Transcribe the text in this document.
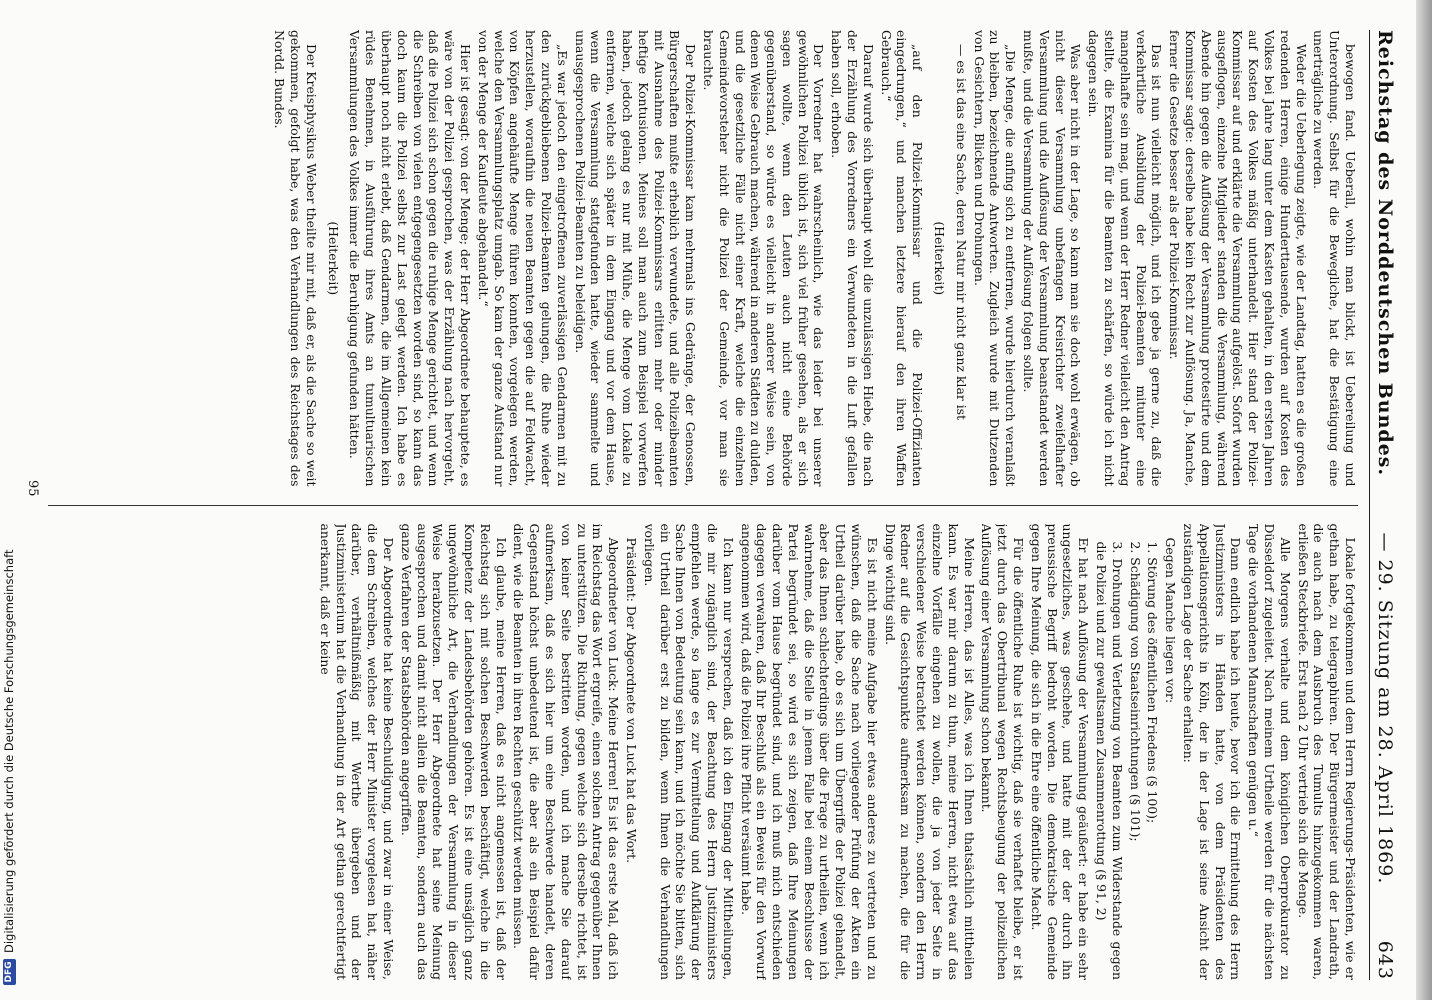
Reichstag des Norddeutschen Bundes.
— 29. Sitzung am 28. April 1869.
643

bewogen fand. Ueberall, wohin man blickt, ist Uebereilung und Unterordnung. Selbst für die Bewegliche, hat die Bestätigung eine unerträgliche zu werden.

Weder die Ueberlegung zeigte, wie der Landtag, hatten es die großen redenden Herren, einige Hunderttausende, wurden auf Kosten des Volkes bei Jahre lang unter dem Kasten gehalten, in den ersten Jahren auf Kosten des Volkes mäßig unterhandelt. Hier stand der Polizei-Kommissar auf und erklärte die Versammlung aufgelöst. Sofort wurden ausgeflogen, einzelne Mitglieder standen die Versammlung, während Abende hin gegen die Auflösung der Versammlung protestirte und dem Kommissar sagte: derselbe habe kein Recht zur Auflösung. Ja, Manche, ferner die Gesetze besser als der Polizei-Kommissar.

Das ist nun vielleicht möglich, und ich gebe ja gerne zu, daß die verkehrtliche Ausbildung der Polizei-Beamten mitunter eine mangelhafte sein mag, und wenn der Herr Redner vielleicht den Antrag stellte, die Examina für die Beamten zu schärfen, so würde ich nicht dagegen sein.

Was aber nicht in der Lage, so kann man sie doch wohl erwägen, ob nicht dieser Versammlung unbefangen Kreisrichter zweifelhafter Versammlung und die Auflösung der Versammlung beanstandet werden mußte, und die Versammlung der Auflösung folgen sollte.

„Die Menge, die anfing sich zu entfernen, wurde hierdurch veranlaßt zu bleiben, bezeichnende Antworten. Zugleich wurde mit Dutzenden von Gesichtern, Blicken und Drohungen.

— es ist das eine Sache, deren Natur mir nicht ganz klar ist

(Heiterkeit)

„auf den Polizei-Kommissar und die Polizei-Offizianten eingedrungen,“ und manchen letztere hierauf den ihren Waffen Gebrauch.“

Darauf wurde sich überhaupt wohl die unzulässigen Hiebe, die nach der Erzählung des Vorredners ein Verwundeten in die Luft gefallen haben soll, erhoben.

Der Vorredner hat wahrscheinlich, wie das leider bei unserer gewöhnlichen Polizei üblich ist, sich viel früher gesehen, als er sich sagen wollte, wenn den Leuten auch nicht eine Behörde gegenüberstand, so würde es vielleicht in anderer Weise sein, von denen Weise Gebrauch machen, während in anderen Städten zu dulden, und die gesetzliche Fälle nicht einer Kraft, welche die einzelnen Gemeindevorsteher nicht die Polizei der Gemeinde, vor man sie brauchte.

Der Polizei-Kommissar kam mehrmals ins Gedränge, der Genossen, Bürgerschaften mußte erheblich verwundete, und alle Polizeibeamten mit Ausnahme des Polizei-Kommissars erlitten mehr oder minder heftige Kontusionen. Meines soll man auch zum Beispiel vorwerfen haben, jedoch gelang es nur mit Mühe, die Menge vom Lokale zu entfernen, welche sich später in dem Eingang und vor dem Hause, wenn die Versammlung stattgefunden hatte, wieder sammelte und unausgesprochenen Polizei-Beamten zu beleidigen.

„Es war jedoch den eingetroffenen zuverlässigen Gendarmen mit zu den zurückgebliebenen Polizei-Beamten gelungen, die Ruhe wieder herzustellen, woraufhin die neuen Beamten gegen die auf Feldwacht, von Köpfen angehäufte Menge führen konnten, vorgelegen werden, welche den Versammlungsplatz umgab. So kam der ganze Aufstand nur von der Menge der Kaufleute abgehandelt.“

Hier ist gesagt: von der Menge; der Herr Abgeordnete behauptete, es wäre von der Polizei gesprochen, was der Erzählung nach hervorgeht, daß die Polizei sich schon gegen die ruhige Menge gerichtet, und wenn die Schreiben von vielen entgegengesetzten worden sind, so kann das doch kaum die Polizei selbst zur Last gelegt werden. Ich habe es überhaupt noch nicht erlebt, daß Gendarmen, die im Allgemeinen kein rüdes Benehmen, in Ausführung ihres Amts an tumultuarischen Versammlungen des Volkes immer die Beruhigung gefunden hätten.

(Heiterkeit)

Der Kreisphysikus Weber theilte mir mit, daß er, als die Sache so weit gekommen, gefolgt habe, was den Verhandlungen des Reichstages des Nordd. Bundes.

Lokale fortgekommen und dem Herrn Regierungs-Präsidenten, wie er gethan habe, zu telegraphiren. Der Bürgermeister und der Landrath, die auch nach dem Ausbruch des Tumults hinzugekommen waren, erließen Steckbriefe. Erst nach 2 Uhr vertrieb sich die Menge.

Alle Morgens verhalte und dem königlichen Oberprokurator zu Düsseldorf zugeleitet. Nach meinem Urtheile werden für die nächsten Tage die vorhandenen Mannschaften genügen u.“

Dann endlich habe ich heute, bevor ich die Ermittelung des Herrn Justizministers in Händen hatte, von dem Präsidenten des Appellationsgerichts in Köln, der in der Lage ist seine Ansicht der zuständigen Lage der Sache erhalten:

Gegen Manche liegen vor:

1. Störung des öffentlichen Friedens (§ 100);

2. Schädigung von Staatseinrichtungen (§ 101);

3. Drohungen und Verletzung von Beamten zum Widerstande gegen die Polizei und zur gewaltsamen Zusammenrottung (§ 91, 2)

Er hat nach Auflösung der Versammlung geäußert: er habe ein sehr ungesetzliches, was geschehe, und hatte mit der der durch ihn preussische Begriff bedroht worden. Die demokratische Gemeinde gegen Ihre Meinung, die sich in die Ehre eine öffentliche Macht.

Für die öffentliche Ruhe ist wichtig, daß sie verhaftet bleibe, er ist jetzt durch das Obertribunal wegen Rechtsbeugung der polizeilichen Auflösung einer Versammlung schon bekannt.

Meine Herren, das ist Alles, was ich Ihnen thatsächlich mittheilen kann. Es war mir darum zu thun, meine Herren, nicht etwa auf das einzelne Vorfälle eingehen zu wollen, die ja von jeder Seite in verschiedener Weise betrachtet werden können, sondern den Herrn Redner auf die Gesichtspunkte aufmerksam zu machen, die für die Dinge wichtig sind.

Es ist nicht meine Aufgabe hier etwas anderes zu vertreten und zu wünschen, daß die Sache nach vorliegender Prüfung der Akten ein Urtheil darüber habe, ob es sich um Übergriffe der Polizei gehandelt, aber das Ihnen schlechterdings über die Frage zu urtheilen, wenn ich wahrnehme, daß die Stelle in jenem Falle bei einem Beschlusse der Partei begründet sei, so wird es sich zeigen, daß Ihre Meinungen darüber vom Hause begründet sind, und ich muß mich entschieden dagegen verwahren, daß Ihr Beschluß als ein Beweis für den Vorwurf angenommen wird, daß die Polizei ihre Pflicht versäumt habe.

Ich kann nur versprechen, daß ich den Eingang der Mittheilungen, die mir zugänglich sind, der Beachtung des Herrn Justizministers empfehlen werde, so lange es zur Vermittelung und Aufklärung der Sache Ihnen von Bedeutung sein kann, und ich möchte Sie bitten, sich ein Urtheil darüber erst zu bilden, wenn Ihnen die Verhandlungen vorliegen.

Präsident: Der Abgeordnete von Luck hat das Wort.

Abgeordneter von Luck: Meine Herren! Es ist das erste Mal, daß ich im Reichstag das Wort ergreife, einen solchen Antrag gegenüber Ihnen zu unterstützen. Die Richtung, gegen welche sich derselbe richtet, ist von keiner Seite bestritten worden, und ich mache Sie darauf aufmerksam, daß es sich hier um eine Beschwerde handelt, deren Gegenstand höchst unbedeutend ist, die aber als ein Beispiel dafür dient, wie die Beamten in ihren Rechten geschützt werden müssen.

Ich glaube, meine Herren, daß es nicht angemessen ist, daß der Reichstag sich mit solchen Beschwerden beschäftigt, welche in die Kompetenz der Landesbehörden gehören. Es ist eine unsäglich ganz ungewöhnliche Art, die Verhandlungen der Versammlung in dieser Weise herabzusetzen. Der Herr Abgeordnete hat seine Meinung ausgesprochen und damit nicht allein die Beamten, sondern auch das ganze Verfahren der Staatsbehörden angegriffen.

Der Abgeordnete hat keine Beschuldigung, und zwar in einer Weise, die dem Schreiben, welches der Herr Minister vorgelesen hat, näher darüber, verhältnißmäßig mit Werthe übergeben und der Justizministerium hat die Verhandlung in der Art gethan gerechtfertigt anerkannt, daß er keine

95
DFG
Digitalisierung gefördert durch die Deutsche Forschungsgemeinschaft
